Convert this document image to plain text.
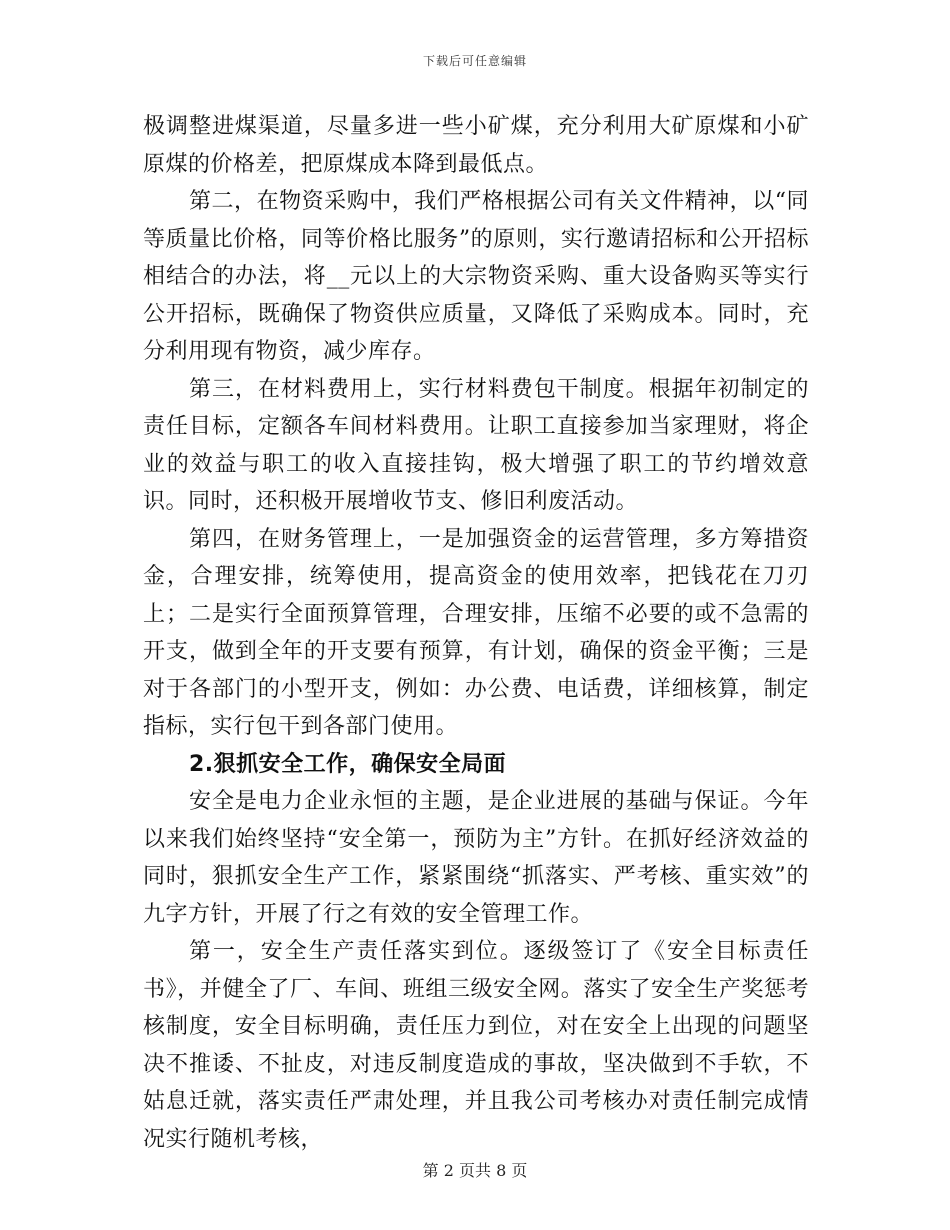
下载后可任意编辑

极调整进煤渠道，尽量多进一些小矿煤，充分利用大矿原煤和小矿原煤的价格差，把原煤成本降到最低点。

第二，在物资采购中，我们严格根据公司有关文件精神，以“同等质量比价格，同等价格比服务”的原则，实行邀请招标和公开招标相结合的办法，将__元以上的大宗物资采购、重大设备购买等实行公开招标，既确保了物资供应质量，又降低了采购成本。同时，充分利用现有物资，减少库存。

第三，在材料费用上，实行材料费包干制度。根据年初制定的责任目标，定额各车间材料费用。让职工直接参加当家理财，将企业的效益与职工的收入直接挂钩，极大增强了职工的节约增效意识。同时，还积极开展增收节支、修旧利废活动。

第四，在财务管理上，一是加强资金的运营管理，多方筹措资金，合理安排，统筹使用，提高资金的使用效率，把钱花在刀刃上；二是实行全面预算管理，合理安排，压缩不必要的或不急需的开支，做到全年的开支要有预算，有计划，确保的资金平衡；三是对于各部门的小型开支，例如：办公费、电话费，详细核算，制定指标，实行包干到各部门使用。

2.狠抓安全工作，确保安全局面

安全是电力企业永恒的主题，是企业进展的基础与保证。今年以来我们始终坚持“安全第一，预防为主”方针。在抓好经济效益的同时，狠抓安全生产工作，紧紧围绕“抓落实、严考核、重实效”的九字方针，开展了行之有效的安全管理工作。

第一，安全生产责任落实到位。逐级签订了《安全目标责任书》，并健全了厂、车间、班组三级安全网。落实了安全生产奖惩考核制度，安全目标明确，责任压力到位，对在安全上出现的问题坚决不推诿、不扯皮，对违反制度造成的事故，坚决做到不手软，不姑息迁就，落实责任严肃处理，并且我公司考核办对责任制完成情况实行随机考核，

第 2 页共 8 页
